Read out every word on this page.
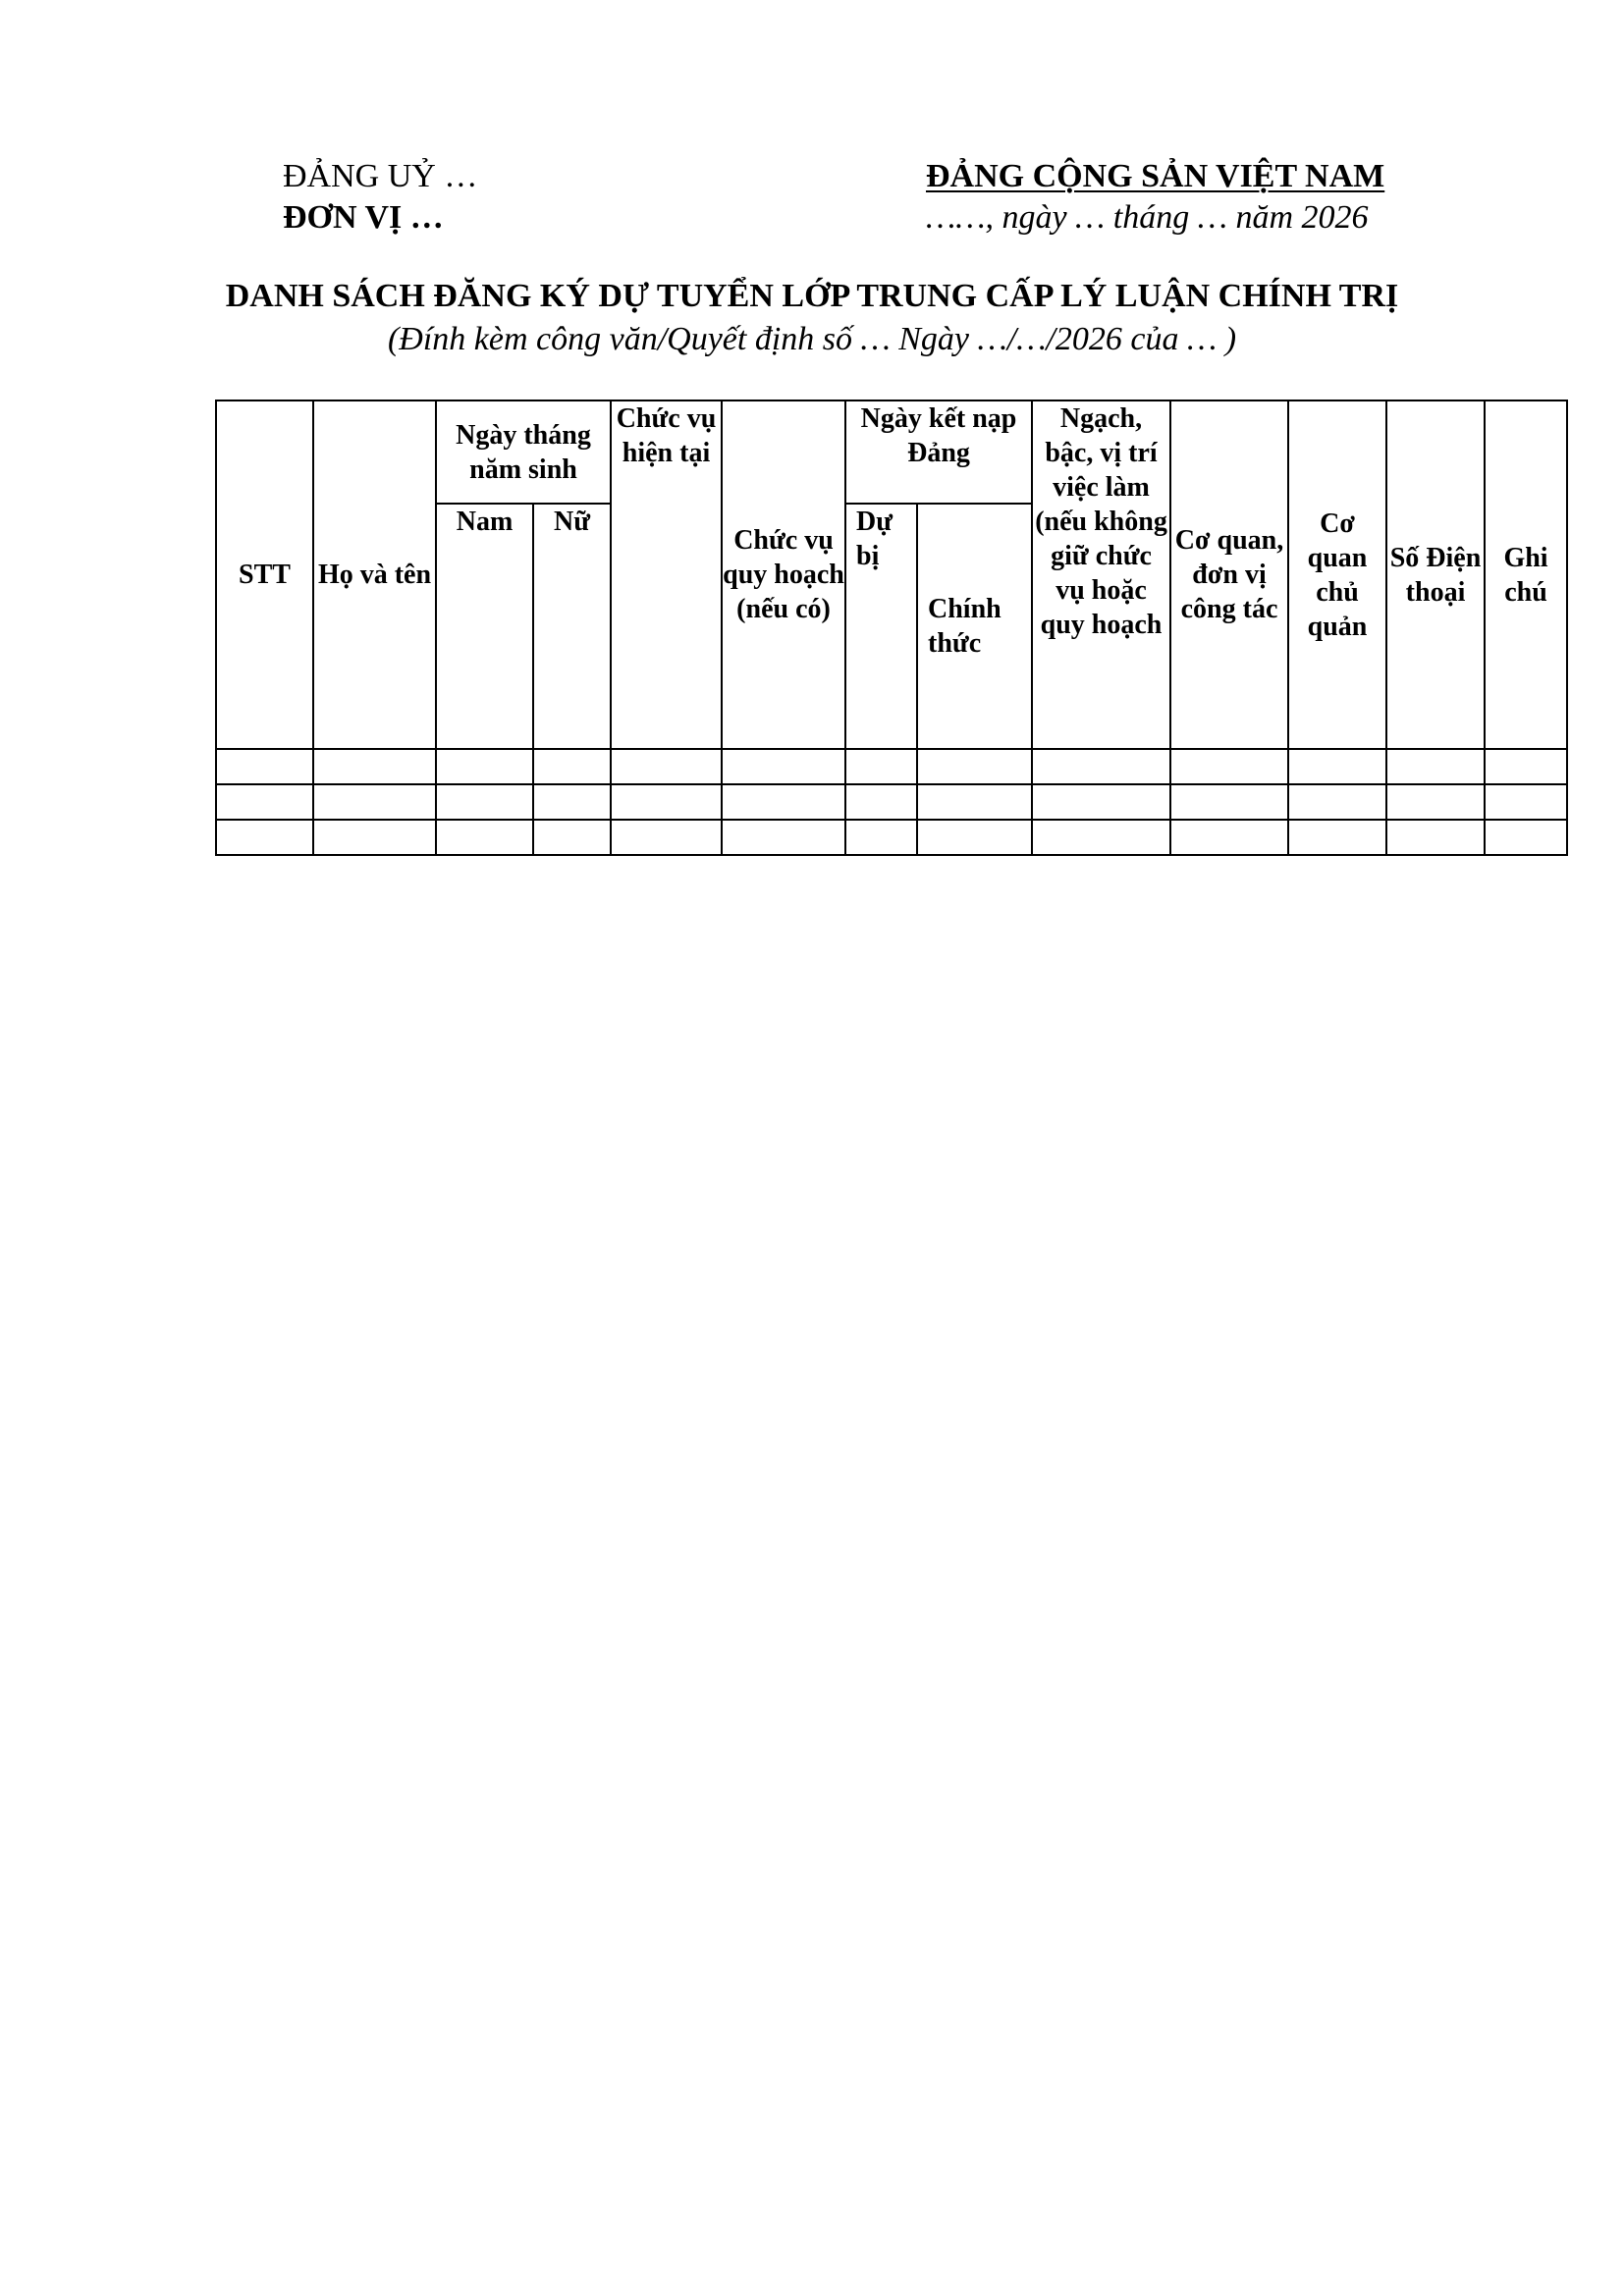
ĐẢNG UỶ …
ĐƠN VỊ …
ĐẢNG CỘNG SẢN VIỆT NAM
……, ngày … tháng … năm 2026
DANH SÁCH ĐĂNG KÝ DỰ TUYỂN LỚP TRUNG CẤP LÝ LUẬN CHÍNH TRỊ
(Đính kèm công văn/Quyết định số … Ngày …/…/2026 của … )
STT	Họ và tên	Ngày tháng năm sinh		Chức vụ hiện tại	Chức vụ quy hoạch (nếu có)	Ngày kết nạp Đảng		Ngạch, bậc, vị trí việc làm (nếu không giữ chức vụ hoặc quy hoạch	Cơ quan, đơn vị công tác	Cơ quan chủ quản	Số Điện thoại	Ghi chú
		Nam	Nữ			Dự bị	Chính thức					
